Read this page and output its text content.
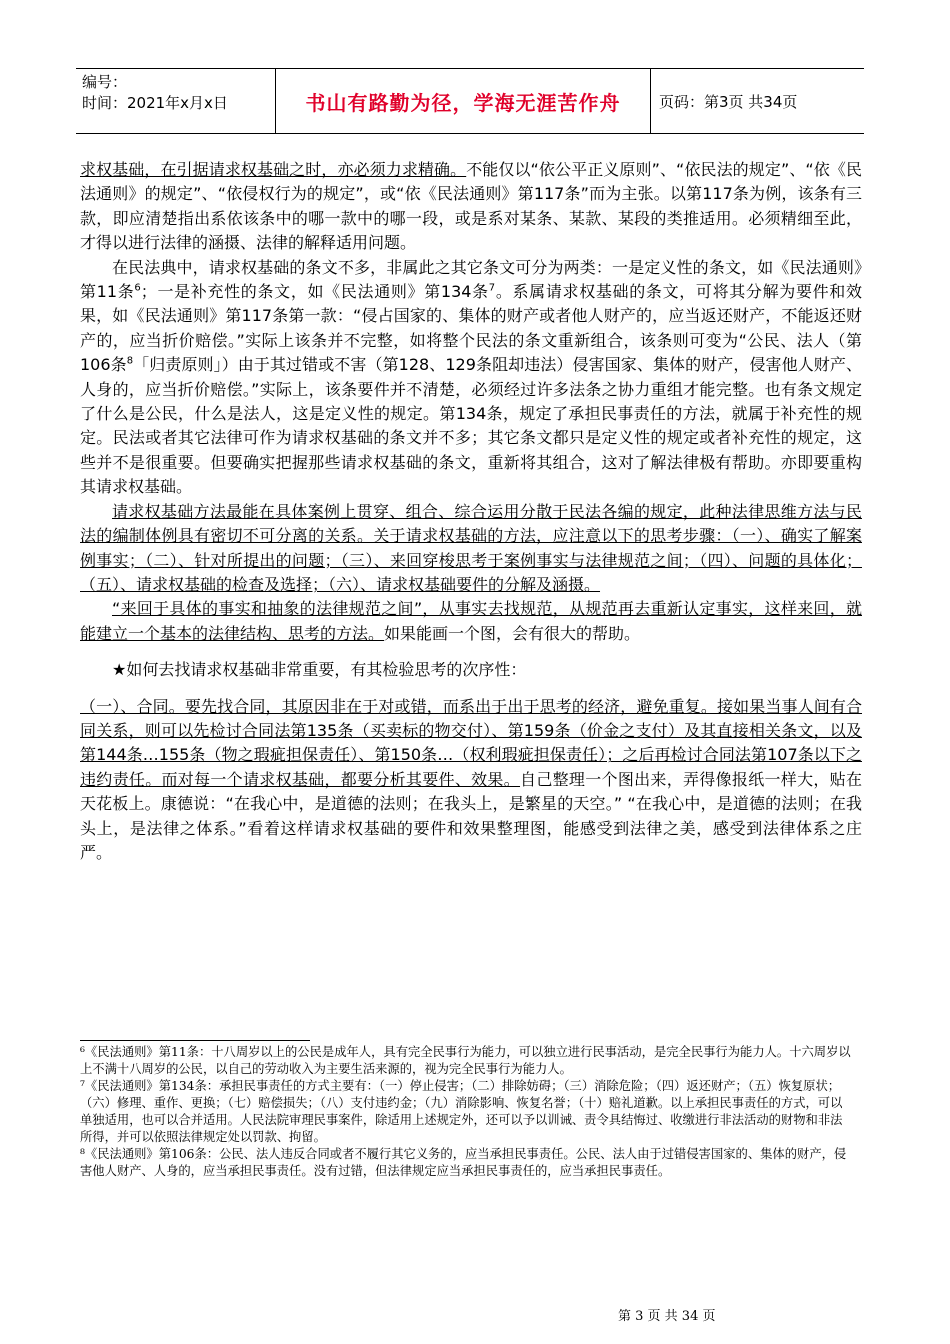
编号：
时间：2021年x月x日	书山有路勤为径，学海无涯苦作舟	页码：第3页 共34页

求权基础，在引据请求权基础之时，亦必须力求精确。不能仅以“依公平正义原则”、“依民法的规定”、“依《民法通则》的规定”、“依侵权行为的规定”，或“依《民法通则》第117条”而为主张。以第117条为例，该条有三款，即应清楚指出系依该条中的哪一款中的哪一段，或是系对某条、某款、某段的类推适用。必须精细至此，才得以进行法律的涵摄、法律的解释适用问题。

在民法典中，请求权基础的条文不多，非属此之其它条文可分为两类：一是定义性的条文，如《民法通则》第11条$^6$；一是补充性的条文，如《民法通则》第134条$^7$。系属请求权基础的条文，可将其分解为要件和效果，如《民法通则》第117条第一款：“侵占国家的、集体的财产或者他人财产的，应当返还财产，不能返还财产的，应当折价赔偿。”实际上该条并不完整，如将整个民法的条文重新组合，该条则可变为“公民、法人（第106条$^8$「归责原则」）由于其过错或不害（第128、129条阻却违法）侵害国家、集体的财产，侵害他人财产、人身的，应当折价赔偿。”实际上，该条要件并不清楚，必须经过许多法条之协力重组才能完整。也有条文规定了什么是公民，什么是法人，这是定义性的规定。第134条，规定了承担民事责任的方法，就属于补充性的规定。民法或者其它法律可作为请求权基础的条文并不多；其它条文都只是定义性的规定或者补充性的规定，这些并不是很重要。但要确实把握那些请求权基础的条文，重新将其组合，这对了解法律极有帮助。亦即要重构其请求权基础。

请求权基础方法最能在具体案例上贯穿、组合、综合运用分散于民法各编的规定，此种法律思维方法与民法的编制体例具有密切不可分离的关系。关于请求权基础的方法，应注意以下的思考步骤：（一）、确实了解案例事实；（二）、针对所提出的问题；（三）、来回穿梭思考于案例事实与法律规范之间；（四）、问题的具体化；（五）、请求权基础的检查及选择；（六）、请求权基础要件的分解及涵摄。

“来回于具体的事实和抽象的法律规范之间”，从事实去找规范，从规范再去重新认定事实，这样来回，就能建立一个基本的法律结构、思考的方法。如果能画一个图，会有很大的帮助。

★如何去找请求权基础非常重要，有其检验思考的次序性：

（一）、合同。要先找合同，其原因非在于对或错，而系出于出于思考的经济，避免重复。接如果当事人间有合同关系，则可以先检讨合同法第135条（买卖标的物交付）、第159条（价金之支付）及其直接相关条文，以及第144条…155条（物之瑕疵担保责任）、第150条…（权利瑕疵担保责任）；之后再检讨合同法第107条以下之违约责任。而对每一个请求权基础，都要分析其要件、效果。自己整理一个图出来，弄得像报纸一样大，贴在天花板上。康德说：“在我心中，是道德的法则；在我头上，是繁星的天空。” “在我心中，是道德的法则；在我头上，是法律之体系。”看着这样请求权基础的要件和效果整理图，能感受到法律之美，感受到法律体系之庄严。

⁶《民法通则》第11条：十八周岁以上的公民是成年人，具有完全民事行为能力，可以独立进行民事活动，是完全民事行为能力人。十六周岁以上不满十八周岁的公民，以自己的劳动收入为主要生活来源的，视为完全民事行为能力人。

⁷《民法通则》第134条：承担民事责任的方式主要有：（一）停止侵害；（二）排除妨碍；（三）消除危险；（四）返还财产；（五）恢复原状；（六）修理、重作、更换；（七）赔偿损失；（八）支付违约金；（九）消除影响、恢复名誉；（十）赔礼道歉。以上承担民事责任的方式，可以单独适用，也可以合并适用。人民法院审理民事案件，除适用上述规定外，还可以予以训诫、责令具结悔过、收缴进行非法活动的财物和非法所得，并可以依照法律规定处以罚款、拘留。

⁸《民法通则》第106条：公民、法人违反合同或者不履行其它义务的，应当承担民事责任。公民、法人由于过错侵害国家的、集体的财产，侵害他人财产、人身的，应当承担民事责任。没有过错，但法律规定应当承担民事责任的，应当承担民事责任。

第 3 页 共 34 页
